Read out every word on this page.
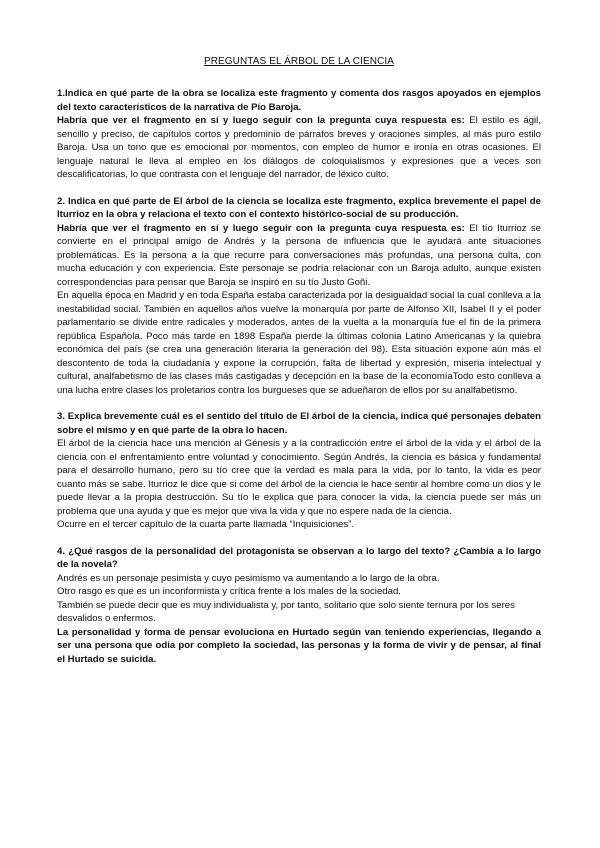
PREGUNTAS EL ÁRBOL DE LA CIENCIA

1.Indica en qué parte de la obra se localiza este fragmento y comenta dos rasgos apoyados en ejemplos del texto característicos de la narrativa de Pío Baroja.

Habría que ver el fragmento en sí y luego seguir con la pregunta cuya respuesta es: El estilo es ágil, sencillo y preciso, de capítulos cortos y predominio de párrafos breves y oraciones simples, al más puro estilo Baroja. Usa un tono que es emocional por momentos, con empleo de humor e ironía en otras ocasiones. El lenguaje natural le lleva al empleo en los diálogos de coloquialismos y expresiones que a veces son descalificatorias, lo que contrasta con el lenguaje del narrador, de léxico culto.

2. Indica en qué parte de El árbol de la ciencia se localiza este fragmento, explica brevemente el papel de Iturrioz en la obra y relaciona el texto con el contexto histórico-social de su producción.

Habría que ver el fragmento en sí y luego seguir con la pregunta cuya respuesta es: El tío Iturrioz se convierte en el principal amigo de Andrés y la persona de influencia que le ayudará ante situaciones problemáticas. Es la persona a la que recurre para conversaciones más profundas, una persona culta, con mucha educación y con experiencia. Este personaje se podría relacionar con un Baroja adulto, aunque existen correspondencias para pensar que Baroja se inspiró en su tío Justo Goñi.

En aquella época en Madrid y en toda España estaba caracterizada por la desigualdad social la cual conlleva a la inestabilidad social. También en aquellos años vuelve la monarquía por parte de Alfonso XII, Isabel II y el poder parlamentario se divide entre radicales y moderados, antes de la vuelta a la monarquía fue el fin de la primera república Española. Poco más tarde en 1898 España pierde la últimas colonia Latino Americanas y la quiebra económica del país (se crea una generación literaria la generación del 98). Esta situación expone aún más el descontento de toda la ciudadanía y expone la corrupción, falta de libertad y expresión, miseria intelectual y cultural, analfabetismo de las clases más castigadas y decepción en la base de la economíaTodo esto conlleva a una lucha entre clases los proletarios contra los burgueses que se adueñaron de ellos por su analfabetismo.

3. Explica brevemente cuál es el sentido del título de El árbol de la ciencia, indica qué personajes debaten sobre el mismo y en qué parte de la obra lo hacen.

El árbol de la ciencia hace una mención al Génesis y a la contradicción entre el árbol de la vida y el árbol de la ciencia con el enfrentamiento entre voluntad y conocimiento. Según Andrés, la ciencia es básica y fundamental para el desarrollo humano, pero su tío cree que la verdad es mala para la vida, por lo tanto, la vida es peor cuanto más se sabe. Iturrioz le dice que si come del árbol de la ciencia le hace sentir al hombre como un dios y le puede llevar a la propia destrucción. Su tío le explica que para conocer la vida, la ciencia puede ser más un problema que una ayuda y que es mejor que viva la vida y que no espere nada de la ciencia.

Ocurre en el tercer capítulo de la cuarta parte llamada “Inquisiciones”.

4. ¿Qué rasgos de la personalidad del protagonista se observan a lo largo del texto? ¿Cambia a lo largo de la novela?

Andrés es un personaje pesimista y cuyo pesimismo va aumentando a lo largo de la obra.

Otro rasgo es que es un inconformista y crítica frente a los males de la sociedad.

También se puede decir que es muy individualista y, por tanto, solitario que solo siente ternura por los seres desvalidos o enfermos.

La personalidad y forma de pensar evoluciona en Hurtado según van teniendo experiencias, llegando a ser una persona que odia por completo la sociedad, las personas y la forma de vivir y de pensar, al final el Hurtado se suicida.
